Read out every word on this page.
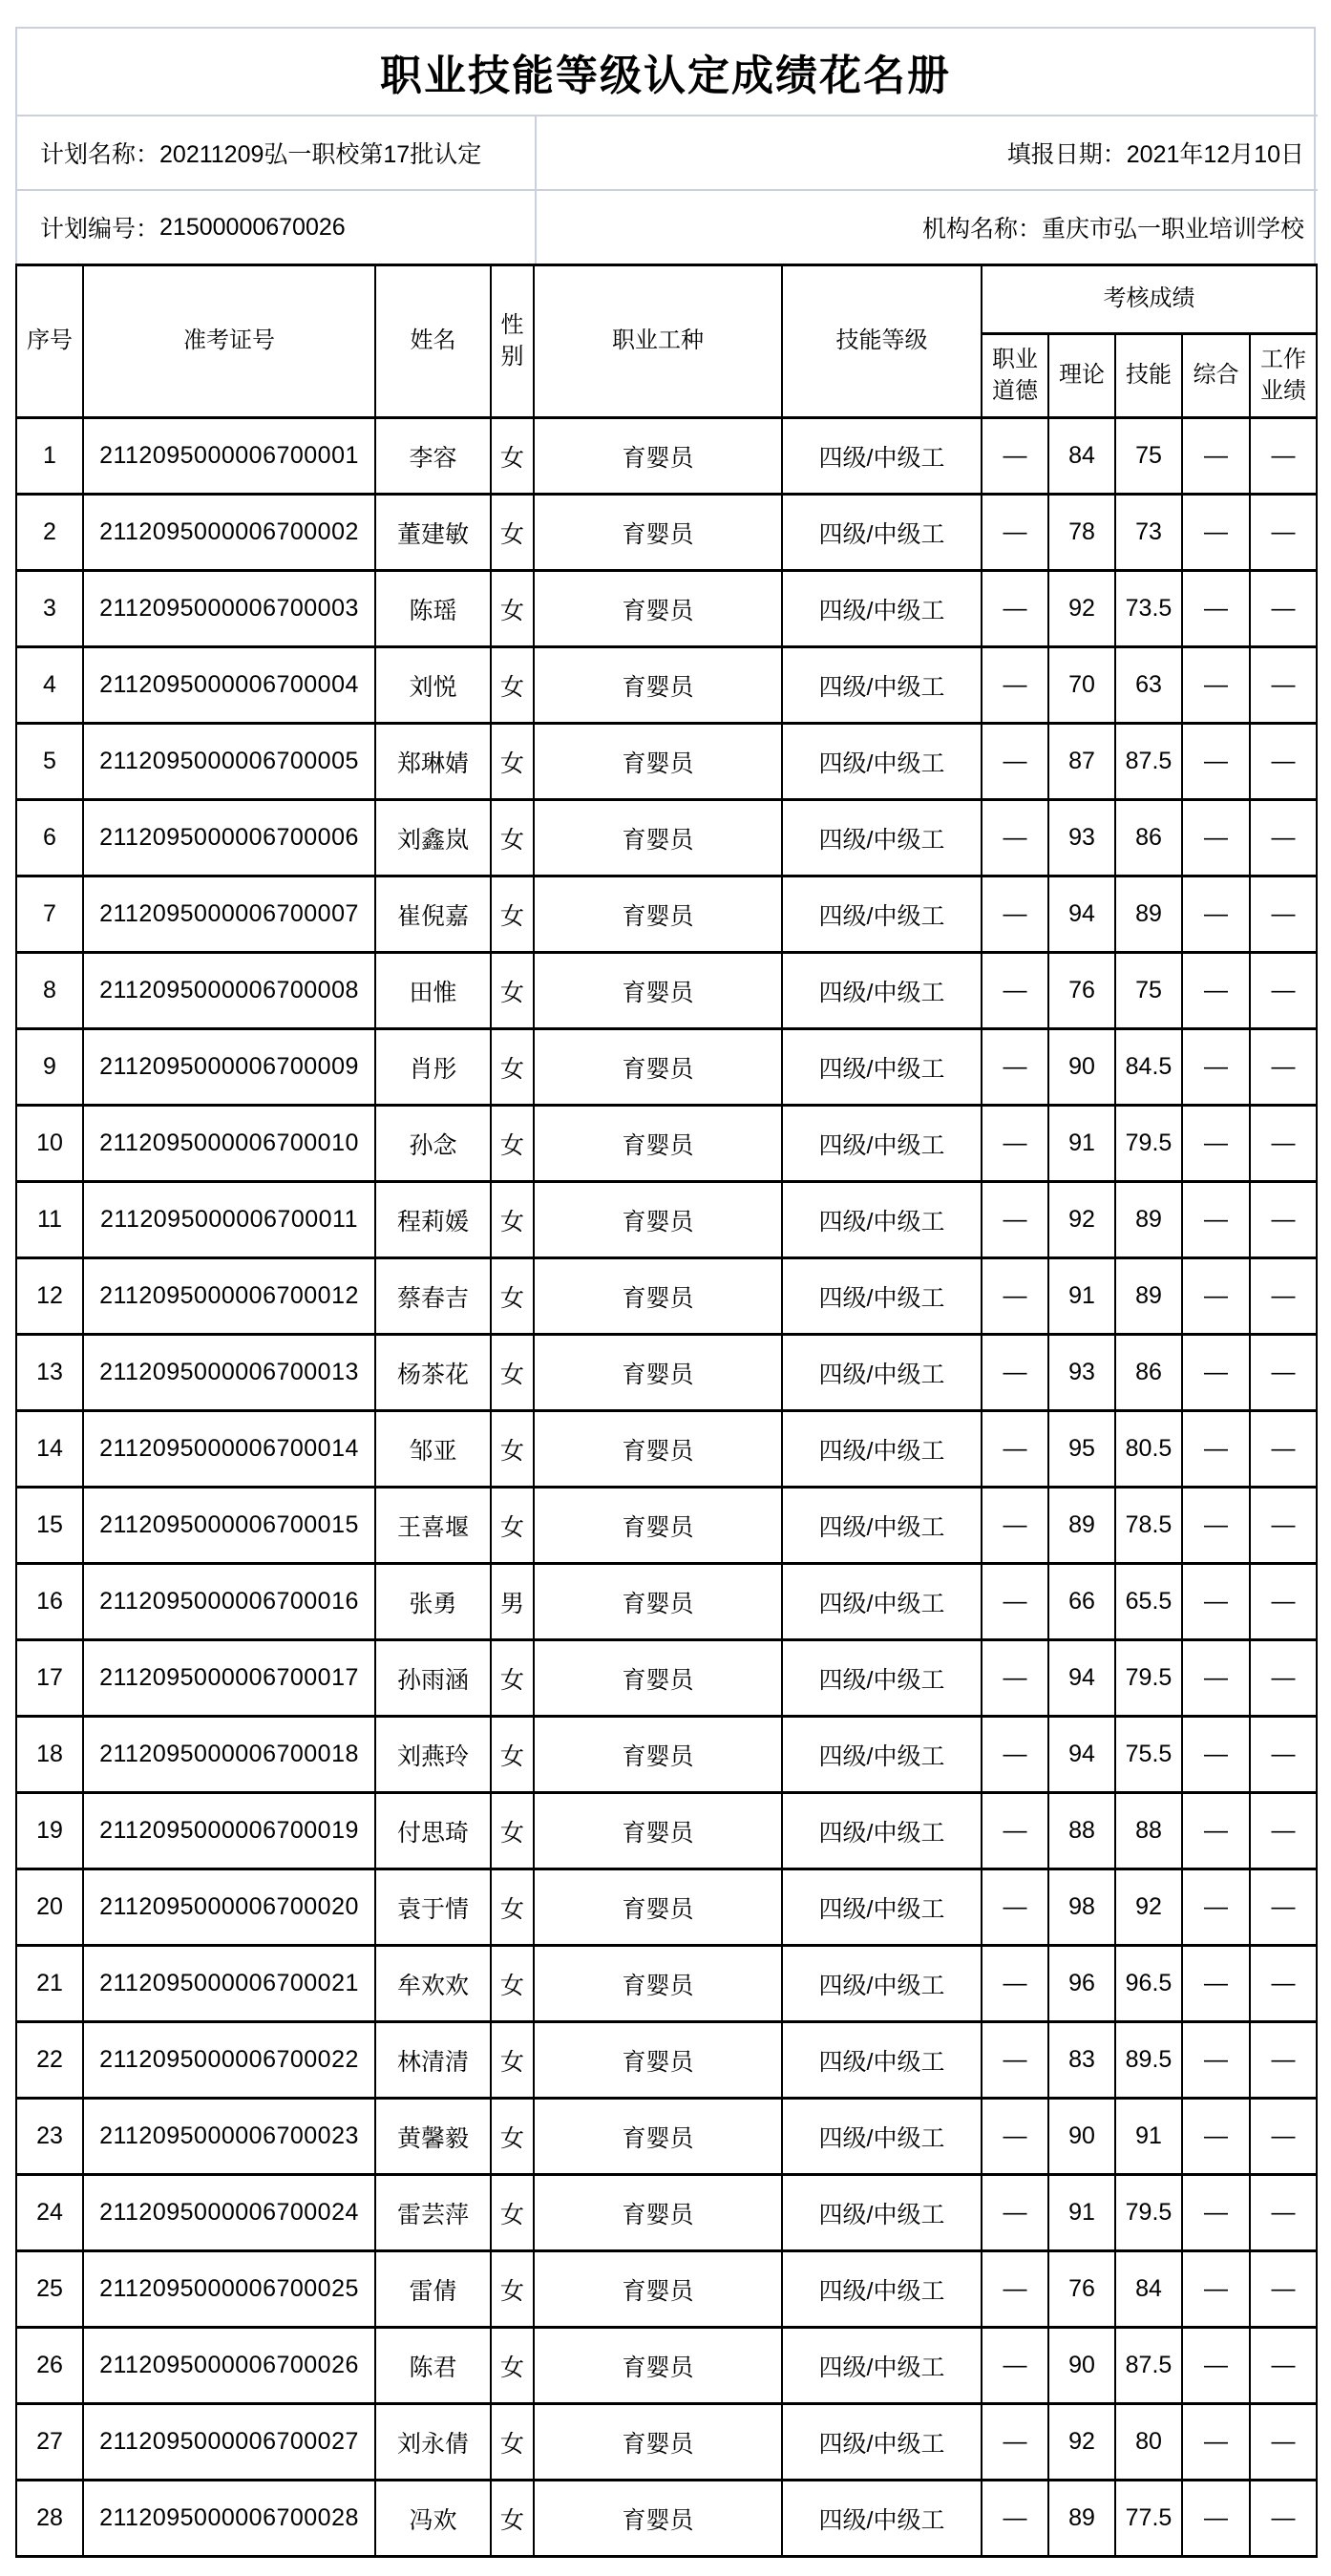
职业技能等级认定成绩花名册
计划名称： 20211209弘一职校第17批认定	填报日期： 2021年12月10日
计划编号： 21500000670026	机构名称： 重庆市弘一职业培训学校
序号	准考证号	姓名	性别	职业工种	技能等级	考核成绩				
						职业道德	理论	技能	综合	工作业绩
1	2112095000006700001	李容	女	育婴员	四级/中级工	—	84	75	—	—
2	2112095000006700002	董建敏	女	育婴员	四级/中级工	—	78	73	—	—
3	2112095000006700003	陈瑶	女	育婴员	四级/中级工	—	92	73.5	—	—
4	2112095000006700004	刘悦	女	育婴员	四级/中级工	—	70	63	—	—
5	2112095000006700005	郑琳婧	女	育婴员	四级/中级工	—	87	87.5	—	—
6	2112095000006700006	刘鑫岚	女	育婴员	四级/中级工	—	93	86	—	—
7	2112095000006700007	崔倪嘉	女	育婴员	四级/中级工	—	94	89	—	—
8	2112095000006700008	田惟	女	育婴员	四级/中级工	—	76	75	—	—
9	2112095000006700009	肖彤	女	育婴员	四级/中级工	—	90	84.5	—	—
10	2112095000006700010	孙念	女	育婴员	四级/中级工	—	91	79.5	—	—
11	2112095000006700011	程莉媛	女	育婴员	四级/中级工	—	92	89	—	—
12	2112095000006700012	蔡春吉	女	育婴员	四级/中级工	—	91	89	—	—
13	2112095000006700013	杨茶花	女	育婴员	四级/中级工	—	93	86	—	—
14	2112095000006700014	邹亚	女	育婴员	四级/中级工	—	95	80.5	—	—
15	2112095000006700015	王喜堰	女	育婴员	四级/中级工	—	89	78.5	—	—
16	2112095000006700016	张勇	男	育婴员	四级/中级工	—	66	65.5	—	—
17	2112095000006700017	孙雨涵	女	育婴员	四级/中级工	—	94	79.5	—	—
18	2112095000006700018	刘燕玲	女	育婴员	四级/中级工	—	94	75.5	—	—
19	2112095000006700019	付思琦	女	育婴员	四级/中级工	—	88	88	—	—
20	2112095000006700020	袁于情	女	育婴员	四级/中级工	—	98	92	—	—
21	2112095000006700021	牟欢欢	女	育婴员	四级/中级工	—	96	96.5	—	—
22	2112095000006700022	林清清	女	育婴员	四级/中级工	—	83	89.5	—	—
23	2112095000006700023	黄馨毅	女	育婴员	四级/中级工	—	90	91	—	—
24	2112095000006700024	雷芸萍	女	育婴员	四级/中级工	—	91	79.5	—	—
25	2112095000006700025	雷倩	女	育婴员	四级/中级工	—	76	84	—	—
26	2112095000006700026	陈君	女	育婴员	四级/中级工	—	90	87.5	—	—
27	2112095000006700027	刘永倩	女	育婴员	四级/中级工	—	92	80	—	—
28	2112095000006700028	冯欢	女	育婴员	四级/中级工	—	89	77.5	—	—
